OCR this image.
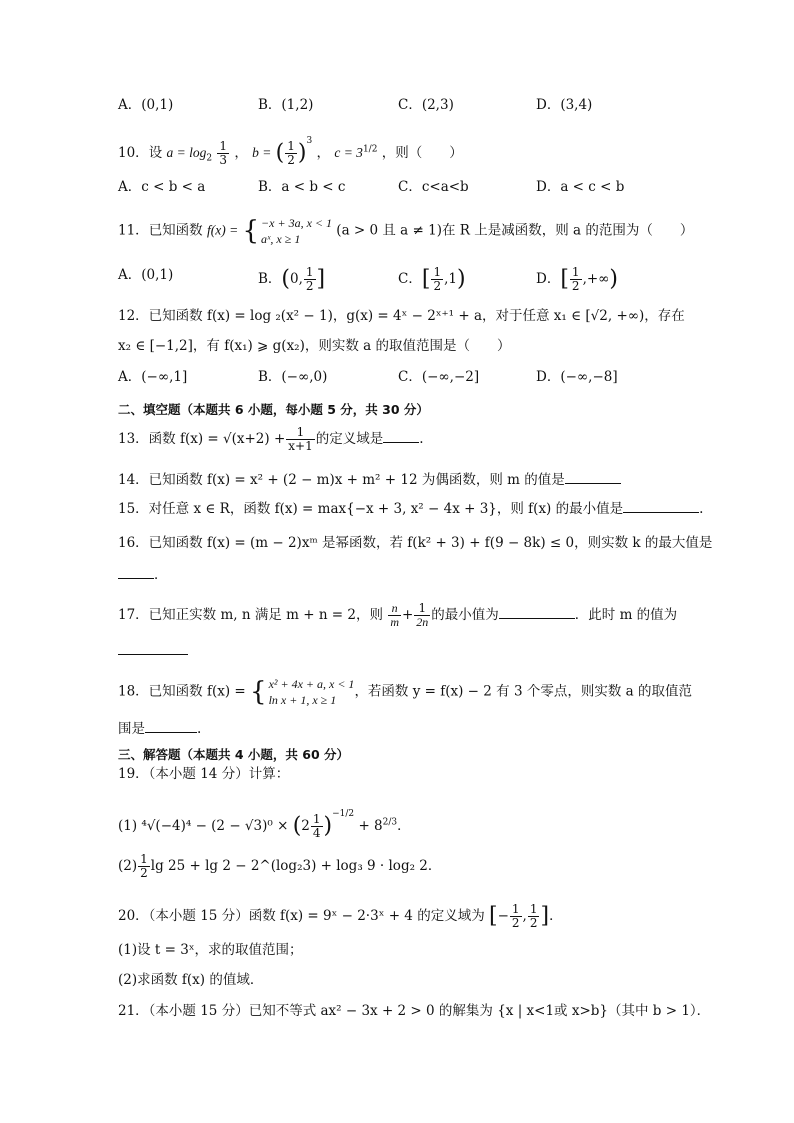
A．(0,1)	B．(1,2)	C．(2,3)	D．(3,4)
10．设 $a = \log_2 \frac{1}{3}$ ， b = ( $\frac{1}{2} )^3$ ， $c = 3^{1/2}$ ，则（　　）
A．c < b < a	B．a < b < c	C．c<a<b	D．a < c < b
11．已知函数 f(x) = { −x + 3a, x < 1
aˣ, x ≥ 1
(a > 0 且 a ≠ 1)在 R 上是减函数，则 a 的范围为（　　）
A．(0,1)	B．(0, $\frac{1}{2}$ ]	C．[ $\frac{1}{2} ,1$)	D．[ $\frac{1}{2}$ ,+∞)
12．已知函数 f(x) = log ₂(x² − 1)，g(x) = 4ˣ − 2ˣ⁺¹ + a，对于任意 x₁ ∈ [√2, +∞)，存在
x₂ ∈ [−1,2]，有 f(x₁) ⩾ g(x₂)，则实数 a 的取值范围是（　　）
A．(−∞,1]	B．(−∞,0)	C．(−∞,−2]	D．(−∞,−8]
二、填空题（本题共 6 小题，每小题 5 分，共 30 分）
13．函数 $f(x) = √(x+2) + \frac{1}{x+1}$ 的定义域是	.
14．已知函数 f(x) = x² + (2 − m)x + m² + 12 为偶函数，则 m 的值是
15．对任意 x ∈ R，函数 f(x) = max{−x + 3, x² − 4x + 3}，则 f(x) 的最小值是	.
16．已知函数 f(x) = (m − 2)xᵐ 是幂函数，若 f(k² + 3) + f(9 − 8k) ≤ 0，则实数 k 的最大值是
．
17．已知正实数 m, n 满足 m + n = 2，则 $\frac{n}{m} + \frac{1}{2n}$ 的最小值为	．此时 m 的值为
18．已知函数 f(x) = { x² + 4x + a, x < 1
ln x + 1, x ≥ 1
，若函数 y = f(x) − 2 有 3 个零点，则实数 a 的取值范
围是	.
三、解答题（本题共 4 小题，共 60 分）
19．（本小题 14 分）计算：
(1) $^4√(-4)^4 - (2 - √3)^0 \times (2 \frac{1}{4} )^{-1/2} + 8^{2/3}$．
$(2) \frac{1}{2}$ lg 25 + lg 2 − 2^(log₂3) + log₃ 9 · log₂ 2．
20．（本小题 15 分）函数 f(x) = 9ˣ − 2·3ˣ + 4 的定义域为 [− $\frac{1}{2}$ , $\frac{1}{2}$ ]．
(1)设 t = 3ˣ，求的取值范围；
(2)求函数 f(x) 的值域．
21．（本小题 15 分）已知不等式 ax² − 3x + 2 > 0 的解集为 {x | x<1或 x>b}（其中 b > 1）．
